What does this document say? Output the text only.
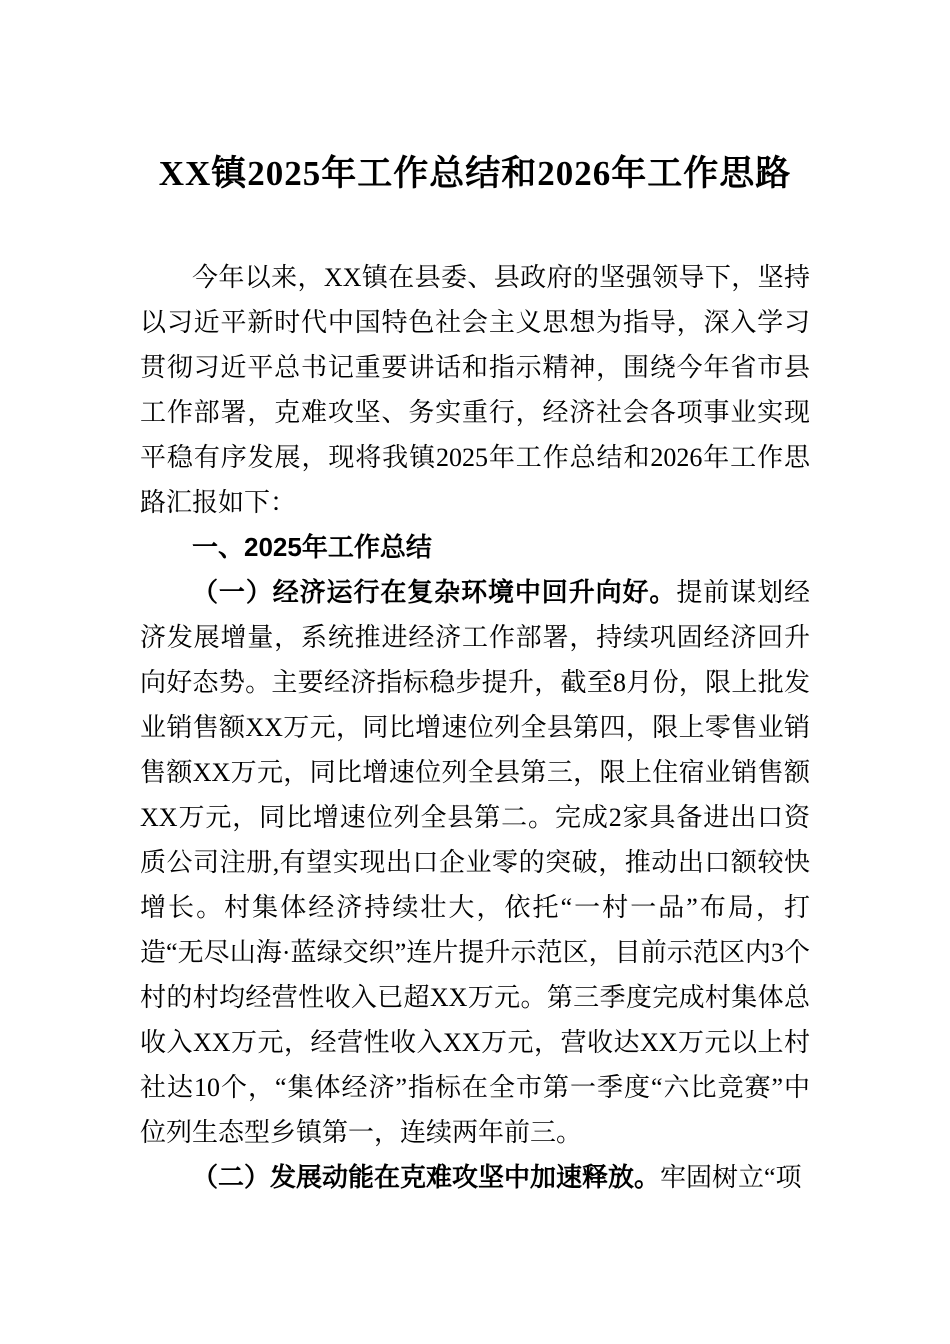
XX镇2025年工作总结和2026年工作思路

今年以来，XX镇在县委、县政府的坚强领导下，坚持以习近平新时代中国特色社会主义思想为指导，深入学习贯彻习近平总书记重要讲话和指示精神，围绕今年省市县工作部署，克难攻坚、务实重行，经济社会各项事业实现平稳有序发展，现将我镇2025年工作总结和2026年工作思路汇报如下：

一、2025年工作总结

（一）经济运行在复杂环境中回升向好。提前谋划经济发展增量，系统推进经济工作部署，持续巩固经济回升向好态势。主要经济指标稳步提升，截至8月份，限上批发业销售额XX万元，同比增速位列全县第四，限上零售业销售额XX万元，同比增速位列全县第三，限上住宿业销售额XX万元，同比增速位列全县第二。完成2家具备进出口资质公司注册,有望实现出口企业零的突破，推动出口额较快增长。村集体经济持续壮大，依托“一村一品”布局，打造“无尽山海·蓝绿交织”连片提升示范区，目前示范区内3个村的村均经营性收入已超XX万元。第三季度完成村集体总收入XX万元，经营性收入XX万元，营收达XX万元以上村社达10个，“集体经济”指标在全市第一季度“六比竞赛”中位列生态型乡镇第一，连续两年前三。

（二）发展动能在克难攻坚中加速释放。牢固树立“项
